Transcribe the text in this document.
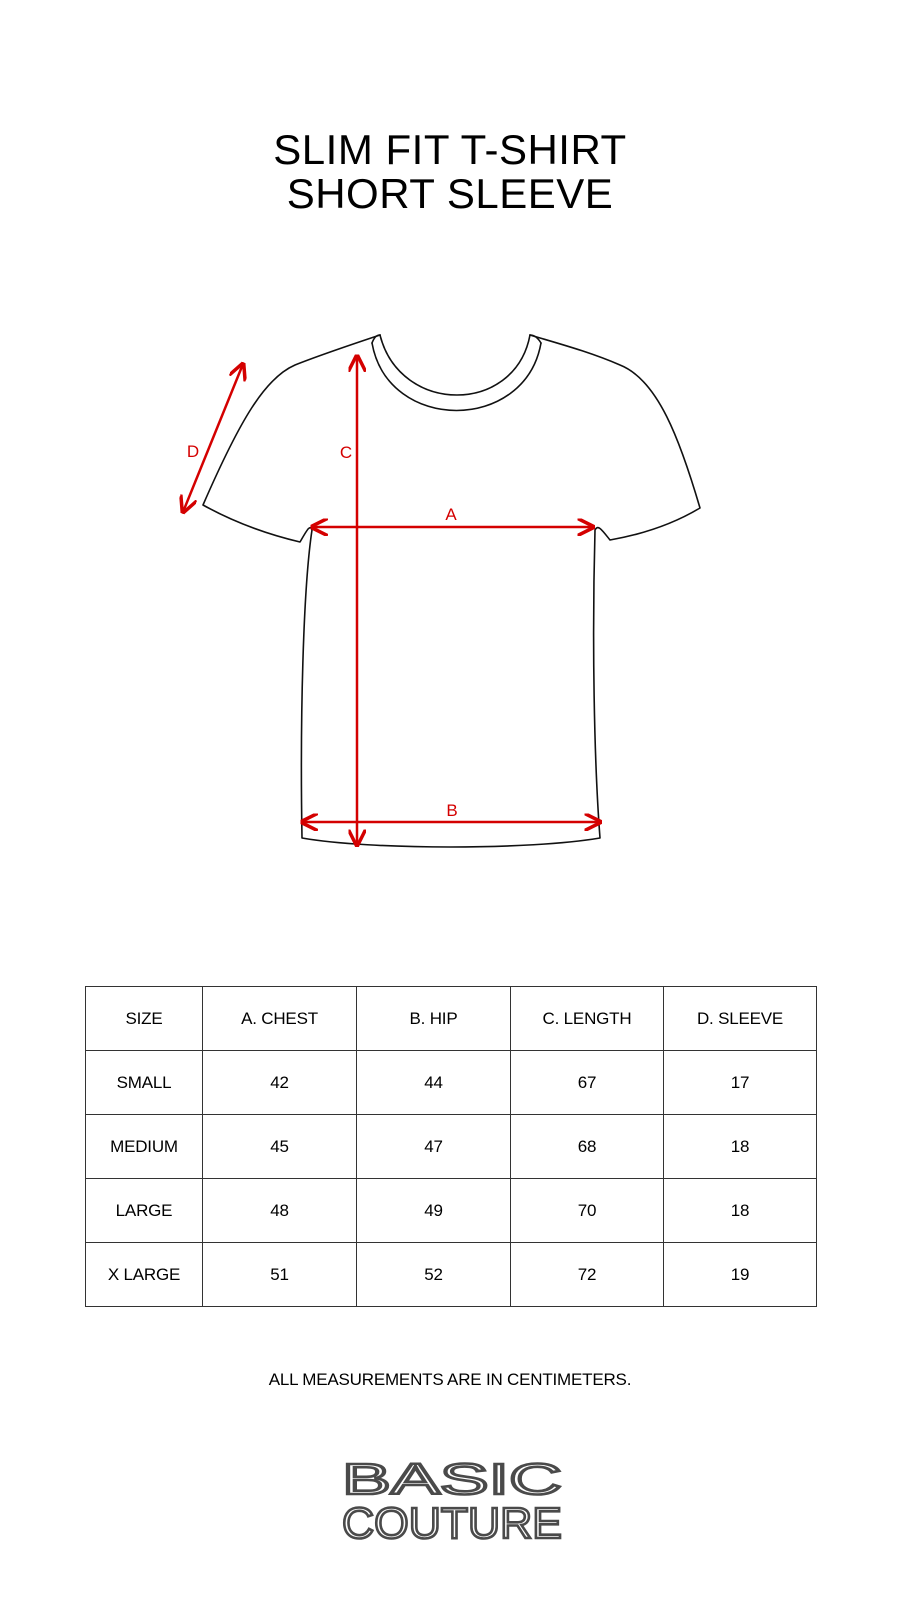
SLIM FIT T-SHIRT
SHORT SLEEVE
A
B
C
D
SIZE	A. CHEST	B. HIP	C. LENGTH	D. SLEEVE
SMALL	42	44	67	17
MEDIUM	45	47	68	18
LARGE	48	49	70	18
X LARGE	51	52	72	19
ALL MEASUREMENTS ARE IN CENTIMETERS.
BASIC
COUTURE
